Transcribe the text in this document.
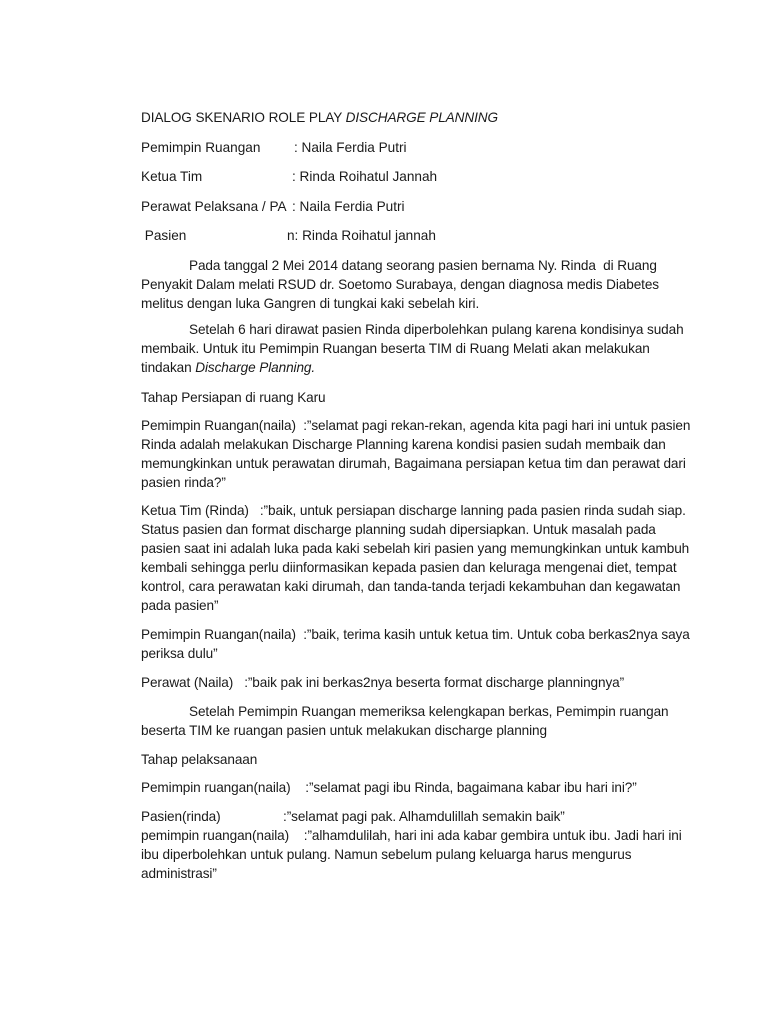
DIALOG SKENARIO ROLE PLAY DISCHARGE PLANNING
Pemimpin Ruangan : Naila Ferdia Putri
Ketua Tim	: Rinda Roihatul Jannah
Perawat Pelaksana / PA : Naila Ferdia Putri
Pasien	n: Rinda Roihatul jannah
Pada tanggal 2 Mei 2014 datang seorang pasien bernama Ny. Rinda  di Ruang
Penyakit Dalam melati RSUD dr. Soetomo Surabaya, dengan diagnosa medis Diabetes
melitus dengan luka Gangren di tungkai kaki sebelah kiri.
Setelah 6 hari dirawat pasien Rinda diperbolehkan pulang karena kondisinya sudah
membaik. Untuk itu Pemimpin Ruangan beserta TIM di Ruang Melati akan melakukan
tindakan Discharge Planning.
Tahap Persiapan di ruang Karu
Pemimpin Ruangan(naila)  :”selamat pagi rekan-rekan, agenda kita pagi hari ini untuk pasien
Rinda adalah melakukan Discharge Planning karena kondisi pasien sudah membaik dan
memungkinkan untuk perawatan dirumah, Bagaimana persiapan ketua tim dan perawat dari
pasien rinda?”
Ketua Tim (Rinda)   :”baik, untuk persiapan discharge lanning pada pasien rinda sudah siap.
Status pasien dan format discharge planning sudah dipersiapkan. Untuk masalah pada
pasien saat ini adalah luka pada kaki sebelah kiri pasien yang memungkinkan untuk kambuh
kembali sehingga perlu diinformasikan kepada pasien dan keluraga mengenai diet, tempat
kontrol, cara perawatan kaki dirumah, dan tanda-tanda terjadi kekambuhan dan kegawatan
pada pasien”
Pemimpin Ruangan(naila)  :”baik, terima kasih untuk ketua tim. Untuk coba berkas2nya saya
periksa dulu”
Perawat (Naila)   :”baik pak ini berkas2nya beserta format discharge planningnya”
Setelah Pemimpin Ruangan memeriksa kelengkapan berkas, Pemimpin ruangan
beserta TIM ke ruangan pasien untuk melakukan discharge planning
Tahap pelaksanaan
Pemimpin ruangan(naila)    :”selamat pagi ibu Rinda, bagaimana kabar ibu hari ini?”
Pasien(rinda)                 :”selamat pagi pak. Alhamdulillah semakin baik”
pemimpin ruangan(naila)    :”alhamdulilah, hari ini ada kabar gembira untuk ibu. Jadi hari ini
ibu diperbolehkan untuk pulang. Namun sebelum pulang keluarga harus mengurus
administrasi”
